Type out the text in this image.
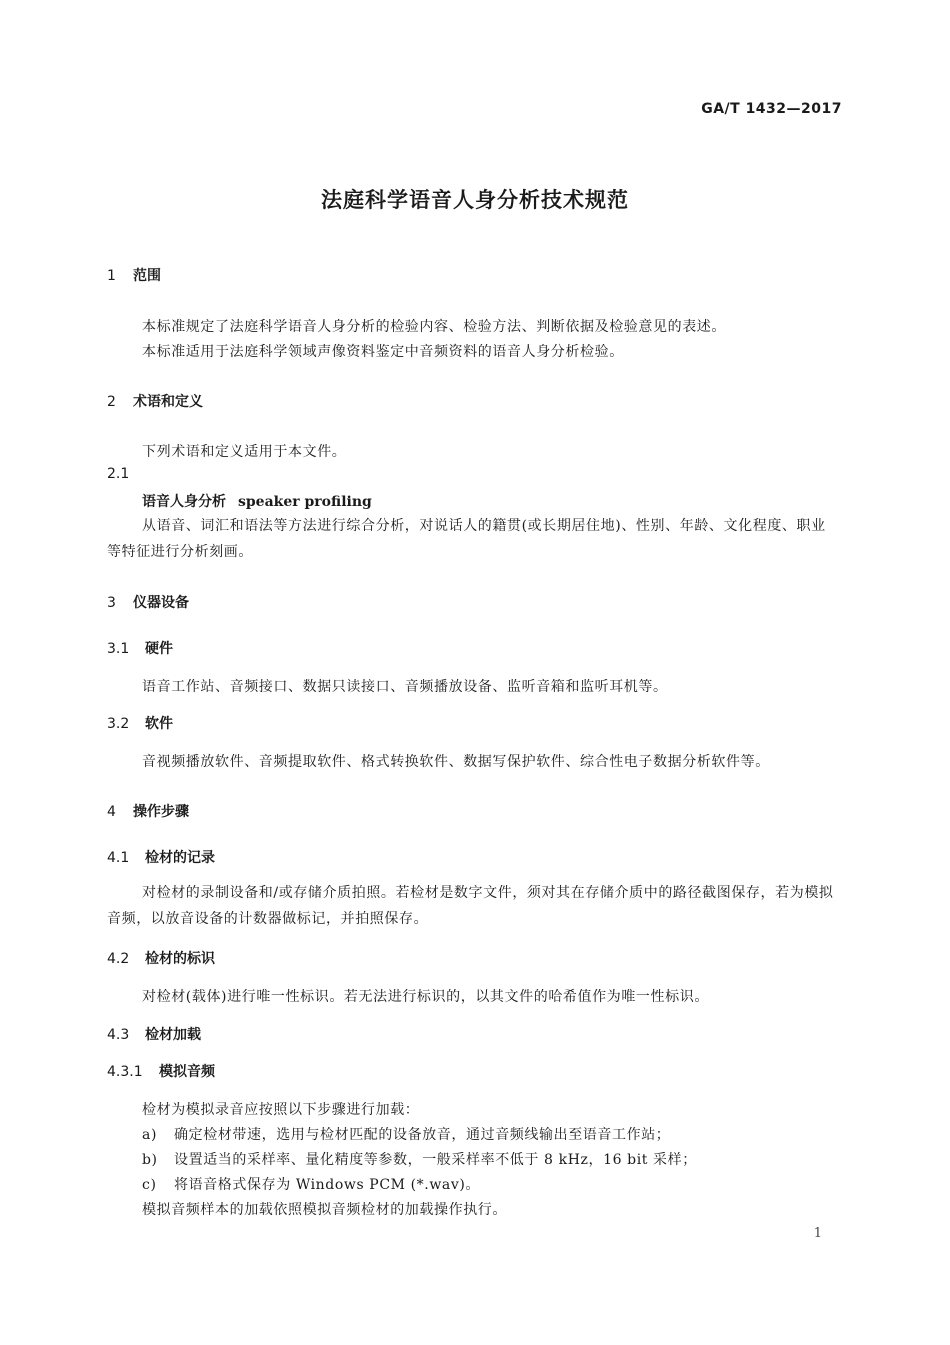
GA/T 1432—2017
法庭科学语音人身分析技术规范
1 范围
本标准规定了法庭科学语音人身分析的检验内容、检验方法、判断依据及检验意见的表述。
本标准适用于法庭科学领域声像资料鉴定中音频资料的语音人身分析检验。
2 术语和定义
下列术语和定义适用于本文件。
2.1
语音人身分析 speaker profiling
从语音、词汇和语法等方法进行综合分析，对说话人的籍贯(或长期居住地)、性别、年龄、文化程度、职业等特征进行分析刻画。
3 仪器设备
3.1 硬件
语音工作站、音频接口、数据只读接口、音频播放设备、监听音箱和监听耳机等。
3.2 软件
音视频播放软件、音频提取软件、格式转换软件、数据写保护软件、综合性电子数据分析软件等。
4 操作步骤
4.1 检材的记录
对检材的录制设备和/或存储介质拍照。若检材是数字文件，须对其在存储介质中的路径截图保存，若为模拟音频，以放音设备的计数器做标记，并拍照保存。
4.2 检材的标识
对检材(载体)进行唯一性标识。若无法进行标识的，以其文件的哈希值作为唯一性标识。
4.3 检材加载
4.3.1 模拟音频
检材为模拟录音应按照以下步骤进行加载：
a) 确定检材带速，选用与检材匹配的设备放音，通过音频线输出至语音工作站；
b) 设置适当的采样率、量化精度等参数，一般采样率不低于 8 kHz，16 bit 采样；
c) 将语音格式保存为 Windows PCM (*.wav)。
模拟音频样本的加载依照模拟音频检材的加载操作执行。
1
